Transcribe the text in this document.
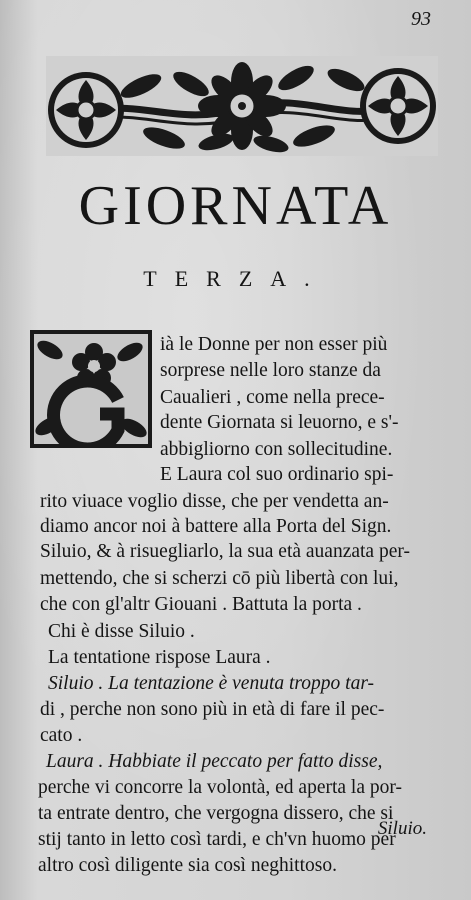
93
GIORNATA
TERZA.
ià le Donne per non esser più
sorprese nelle loro stanze da
Caualieri , come nella prece-
dente Giornata si leuorno, e s'-
abbigliorno con sollecitudine.
E Laura col suo ordinario spi-
rito viuace voglio disse, che per vendetta an-
diamo ancor noi à battere alla Porta del Sign.
Siluio, & à risuegliarlo, la sua età auanzata per-
mettendo, che si scherzi cō più libertà con lui,
che con gl'altr Giouani . Battuta la porta .
Chi è disse Siluio .
La tentatione rispose Laura .
Siluio . La tentazione è venuta troppo tar-
di , perche non sono più in età di fare il pec-
cato .
Laura . Habbiate il peccato per fatto disse,
perche vi concorre la volontà, ed aperta la por-
ta entrate dentro, che vergogna dissero, che si
stij tanto in letto così tardi, e ch'vn huomo per
altro così diligente sia così neghittoso.
Siluio.
